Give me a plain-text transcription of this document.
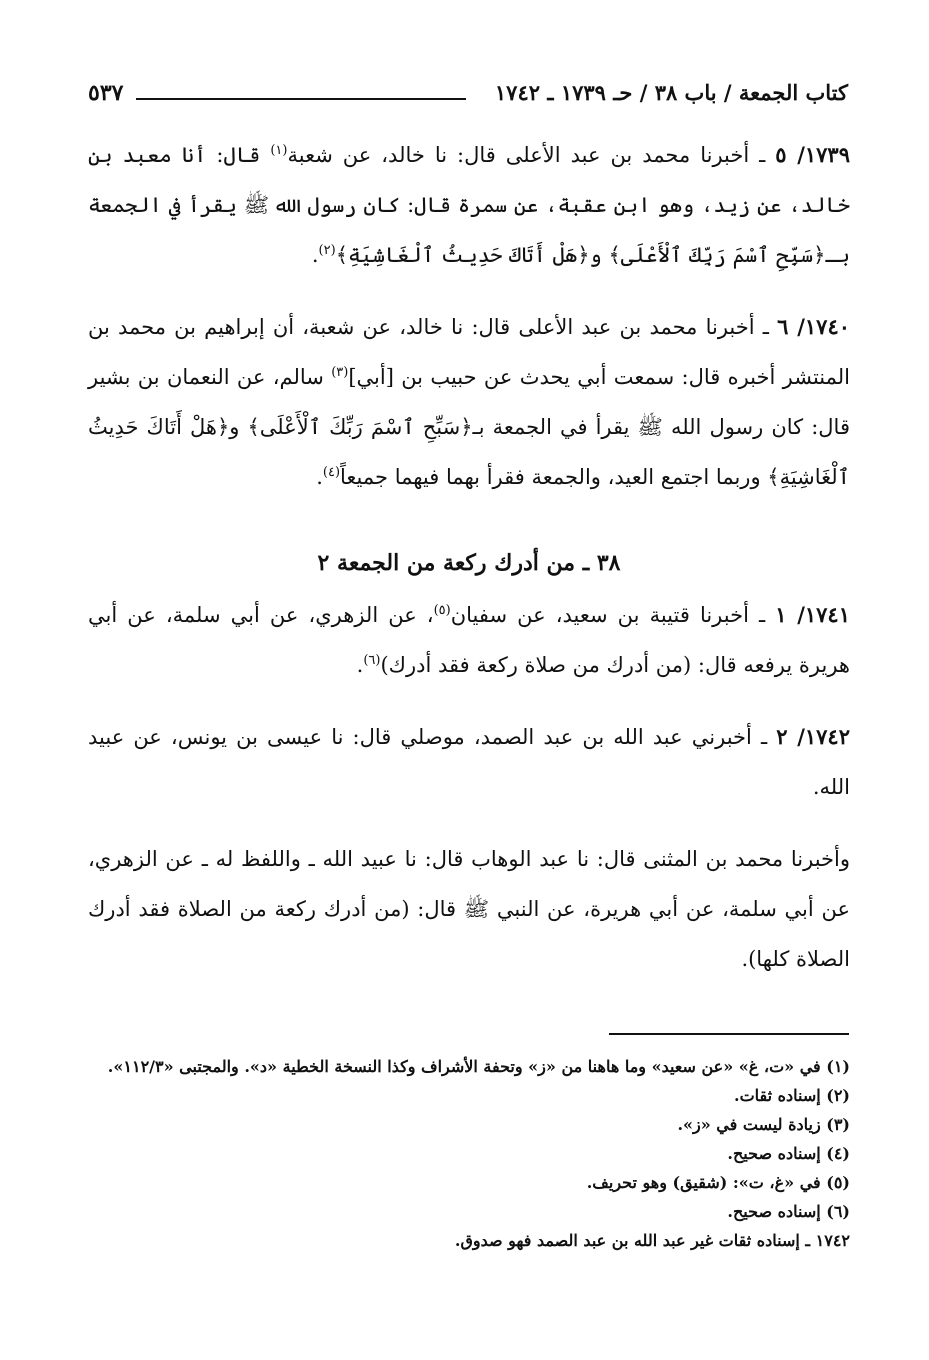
٥٣٧	كتاب الجمعة / باب ٣٨ / حـ ١٧٣٩ ـ ١٧٤٢

١٧٣٩/ ٥ ـ أخبرنا محمد بن عبد الأعلى قال: نا خالد، عن شعبة$^{(١)}$ قال: أنا معبد بن خالد، عن زيد، وهو ابن عقبة، عن سمرة قال: كان رسول الله ﷺ يقرأ في الجمعة بـ﴿سَبِّحِ ٱسْمَ رَبِّكَ ٱلْأَعْلَى﴾ و﴿هَلْ أَتَاكَ حَدِيثُ ٱلْغَاشِيَةِ﴾$^{(٢)}$.

١٧٤٠/ ٦ ـ أخبرنا محمد بن عبد الأعلى قال: نا خالد، عن شعبة، أن إبراهيم بن محمد بن المنتشر أخبره قال: سمعت أبي يحدث عن حبيب بن [أبي]$^{(٣)}$ سالم، عن النعمان بن بشير قال: كان رسول الله ﷺ يقرأ في الجمعة بـ﴿سَبِّحِ ٱسْمَ رَبِّكَ ٱلْأَعْلَى﴾ و﴿هَلْ أَتَاكَ حَدِيثُ ٱلْغَاشِيَةِ﴾ وربما اجتمع العيد، والجمعة فقرأ بهما فيهما جميعاً$^{(٤)}$.

٣٨ ـ من أدرك ركعة من الجمعة ٢

١٧٤١/ ١ ـ أخبرنا قتيبة بن سعيد، عن سفيان$^{(٥)}$، عن الزهري، عن أبي سلمة، عن أبي هريرة يرفعه قال: (من أدرك من صلاة ركعة فقد أدرك)$^{(٦)}$.

١٧٤٢/ ٢ ـ أخبرني عبد الله بن عبد الصمد، موصلي قال: نا عيسى بن يونس، عن عبيد الله.

وأخبرنا محمد بن المثنى قال: نا عبد الوهاب قال: نا عبيد الله ـ واللفظ له ـ عن الزهري، عن أبي سلمة، عن أبي هريرة، عن النبي ﷺ قال: (من أدرك ركعة من الصلاة فقد أدرك الصلاة كلها).

(١) في «ت، غ» «عن سعيد» وما هاهنا من «ز» وتحفة الأشراف وكذا النسخة الخطية «د». والمجتبى «١١٢/٣».

(٢) إسناده ثقات.

(٣) زيادة ليست في «ز».

(٤) إسناده صحيح.

(٥) في «غ، ت»: (شقيق) وهو تحريف.

(٦) إسناده صحيح.

١٧٤٢ ـ إسناده ثقات غير عبد الله بن عبد الصمد فهو صدوق.
